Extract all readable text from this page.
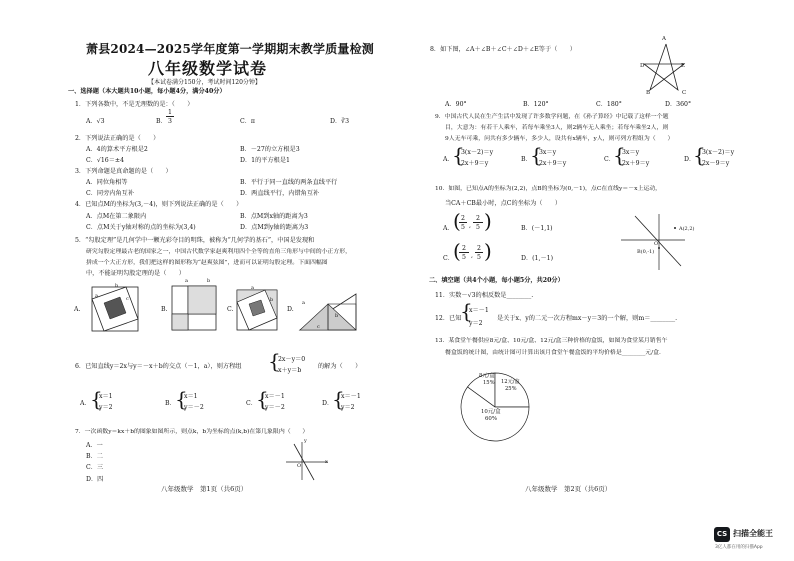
萧县2024—2025学年度第一学期期末教学质量检测
八年级数学试卷
【本试卷满分150分，考试时间120分钟】
一、选择题（本大题共10小题，每小题4分，满分40分）
1．下列各数中，不是无理数的是：（　　）
A．√3	B．
1
3	C．π	D．∛3
2．下列说法正确的是（　　）
A．4的算术平方根是2	B．－27的立方根是3
C．√16＝±4	D．1的平方根是1
3．下列命题是真命题的是（　　）
A．同位角相等	B．平行于同一直线的两条直线平行
C．同旁内角互补	D．两直线平行，内错角互补
4．已知点M的坐标为(3,－4)，则下列说法正确的是（　　）
A．点M在第二象限内	B．点M到x轴的距离为3
C．点M关于y轴对称的点的坐标为(3,4)	D．点M到y轴的距离为3
5．“勾股定理”是几何学中一颗光彩夺目的明珠，被称为“几何学的基石”，中国是发现和
研究勾股定理最古老的国家之一，中国古代数学家赵爽利用四个全等的直角三角形与中间的小正方形，
拼成一个大正方形，我们把这样的图形称为“赵爽弦图”，进而可以证明勾股定理。下面四幅图
中，不能证明勾股定理的是（　　）
A.	B.	C.	D.
a
b
c
a	b
a
b	a
b
c
6．已知直线y＝2x与y＝－x＋b的交点（－1，a），则方程组 {
2x－y＝0
x＋y＝b
的解为（　　）
A． {
x＝1
y＝2
B． {
x＝1
y＝－2
C． {
x＝－1
y＝－2
D．
{
x＝－1
y＝2
7．一次函数y＝kx＋b的图象如图所示，则点k，b为坐标的点(k,b)在第几象限内（　　）
A．一
B．二
C．三
D．四
x
y
O
八年级数学　第1页（共6页）
8．如下图，∠A＋∠B＋∠C＋∠D＋∠E等于（　　）
A
B	C
D	E
A．90°	B．120°	C．180°	D．360°
9．中国古代人民在生产生活中发现了许多数学问题，在《孙子算经》中记载了这样一个题
目，大意为：有若干人乘车，若每车乘坐3人，则2辆车无人乘坐；若每车乘坐2人，则
9人无车可乘，问共有多少辆车，多少人，设共有x辆车，y人，则可列方程组为（　　）
A．
{
3(x－2)＝y
2x＋9＝y
B．
{
3x＝y
2x＋9＝y
C．
{
3x＝y
2x＋9＝y
D．
{
3(x－2)＝y
2x－9＝y
10．如图，已知点A的坐标为(2,2)，点B的坐标为(0,－1)，点C在直线y＝－x上运动，
当CA＋CB最小时，点C的坐标为（　　）
A． ( 2
5 ,
2
5 )	B．(－1,1)
C． ( 2
5 ,
2
5 )	D．(1,－1)
A(2,2)
B(0,-1)
O
二、填空题（共4个小题，每小题5分，共20分）
11．实数－√3的相反数是________.
12．已知
{
x＝－1
y＝2
是关于x、y的二元一次方程mx－y＝3的一个解，则m＝________.
13．某食堂午餐供应8元/盒、10元/盒、12元/盒三种价格的盒饭，如图为食堂某月销售午
餐盒饭的统计图，由统计图可计算出该月食堂午餐盒饭的平均价格是________元/盒.
8元/盒
15% 12元/盒
25%
10元/盒
60%
八年级数学　第2页（共6页）
CS 扫描全能王
3亿人都在用的扫描App
